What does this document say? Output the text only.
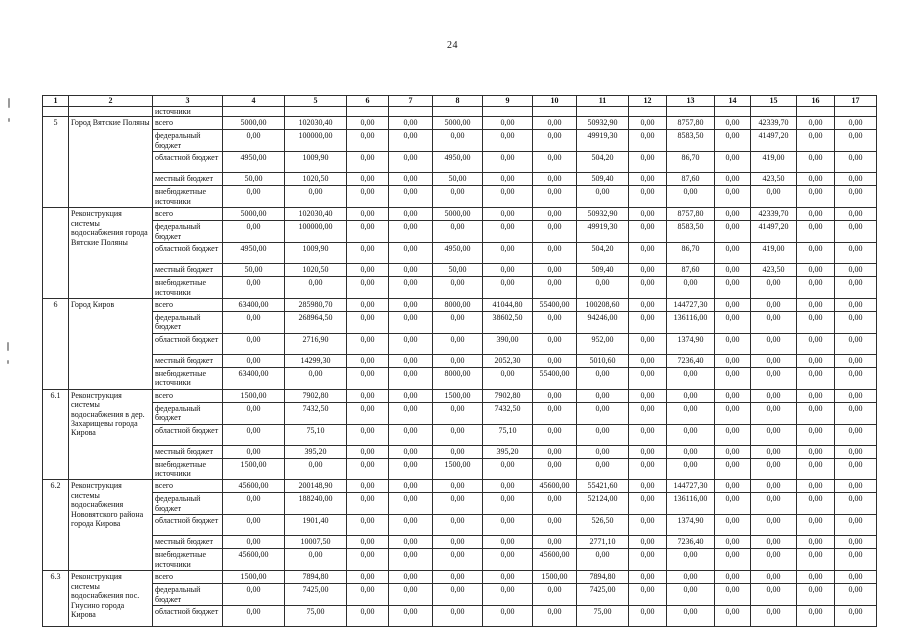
24
1	2	3	4	5	6	7	8	9	10	11	12	13	14	15	16	17
		источники														
5	Город Вятские Поляны	всего	5000,00	102030,40	0,00	0,00	5000,00	0,00	0,00	50932,90	0,00	8757,80	0,00	42339,70	0,00	0,00
		федеральный бюджет	0,00	100000,00	0,00	0,00	0,00	0,00	0,00	49919,30	0,00	8583,50	0,00	41497,20	0,00	0,00
		областной бюджет	4950,00	1009,90	0,00	0,00	4950,00	0,00	0,00	504,20	0,00	86,70	0,00	419,00	0,00	0,00
		местный бюджет	50,00	1020,50	0,00	0,00	50,00	0,00	0,00	509,40	0,00	87,60	0,00	423,50	0,00	0,00
		внебюджетные источники	0,00	0,00	0,00	0,00	0,00	0,00	0,00	0,00	0,00	0,00	0,00	0,00	0,00	0,00
	Реконструкция системы водоснабжения города Вятские Поляны	всего	5000,00	102030,40	0,00	0,00	5000,00	0,00	0,00	50932,90	0,00	8757,80	0,00	42339,70	0,00	0,00
		федеральный бюджет	0,00	100000,00	0,00	0,00	0,00	0,00	0,00	49919,30	0,00	8583,50	0,00	41497,20	0,00	0,00
		областной бюджет	4950,00	1009,90	0,00	0,00	4950,00	0,00	0,00	504,20	0,00	86,70	0,00	419,00	0,00	0,00
		местный бюджет	50,00	1020,50	0,00	0,00	50,00	0,00	0,00	509,40	0,00	87,60	0,00	423,50	0,00	0,00
		внебюджетные источники	0,00	0,00	0,00	0,00	0,00	0,00	0,00	0,00	0,00	0,00	0,00	0,00	0,00	0,00
6	Город Киров	всего	63400,00	285980,70	0,00	0,00	8000,00	41044,80	55400,00	100208,60	0,00	144727,30	0,00	0,00	0,00	0,00
		федеральный бюджет	0,00	268964,50	0,00	0,00	0,00	38602,50	0,00	94246,00	0,00	136116,00	0,00	0,00	0,00	0,00
		областной бюджет	0,00	2716,90	0,00	0,00	0,00	390,00	0,00	952,00	0,00	1374,90	0,00	0,00	0,00	0,00
		местный бюджет	0,00	14299,30	0,00	0,00	0,00	2052,30	0,00	5010,60	0,00	7236,40	0,00	0,00	0,00	0,00
		внебюджетные источники	63400,00	0,00	0,00	0,00	8000,00	0,00	55400,00	0,00	0,00	0,00	0,00	0,00	0,00	0,00
6.1	Реконструкция системы водоснабжения в дер. Захарищевы города Кирова	всего	1500,00	7902,80	0,00	0,00	1500,00	7902,80	0,00	0,00	0,00	0,00	0,00	0,00	0,00	0,00
		федеральный бюджет	0,00	7432,50	0,00	0,00	0,00	7432,50	0,00	0,00	0,00	0,00	0,00	0,00	0,00	0,00
		областной бюджет	0,00	75,10	0,00	0,00	0,00	75,10	0,00	0,00	0,00	0,00	0,00	0,00	0,00	0,00
		местный бюджет	0,00	395,20	0,00	0,00	0,00	395,20	0,00	0,00	0,00	0,00	0,00	0,00	0,00	0,00
		внебюджетные источники	1500,00	0,00	0,00	0,00	1500,00	0,00	0,00	0,00	0,00	0,00	0,00	0,00	0,00	0,00
6.2	Реконструкция системы водоснабжения Нововятского района города Кирова	всего	45600,00	200148,90	0,00	0,00	0,00	0,00	45600,00	55421,60	0,00	144727,30	0,00	0,00	0,00	0,00
		федеральный бюджет	0,00	188240,00	0,00	0,00	0,00	0,00	0,00	52124,00	0,00	136116,00	0,00	0,00	0,00	0,00
		областной бюджет	0,00	1901,40	0,00	0,00	0,00	0,00	0,00	526,50	0,00	1374,90	0,00	0,00	0,00	0,00
		местный бюджет	0,00	10007,50	0,00	0,00	0,00	0,00	0,00	2771,10	0,00	7236,40	0,00	0,00	0,00	0,00
		внебюджетные источники	45600,00	0,00	0,00	0,00	0,00	0,00	45600,00	0,00	0,00	0,00	0,00	0,00	0,00	0,00
6.3	Реконструкция системы водоснабжения пос. Гнусино города Кирова	всего	1500,00	7894,80	0,00	0,00	0,00	0,00	1500,00	7894,80	0,00	0,00	0,00	0,00	0,00	0,00
		федеральный бюджет	0,00	7425,00	0,00	0,00	0,00	0,00	0,00	7425,00	0,00	0,00	0,00	0,00	0,00	0,00
		областной бюджет	0,00	75,00	0,00	0,00	0,00	0,00	0,00	75,00	0,00	0,00	0,00	0,00	0,00	0,00
